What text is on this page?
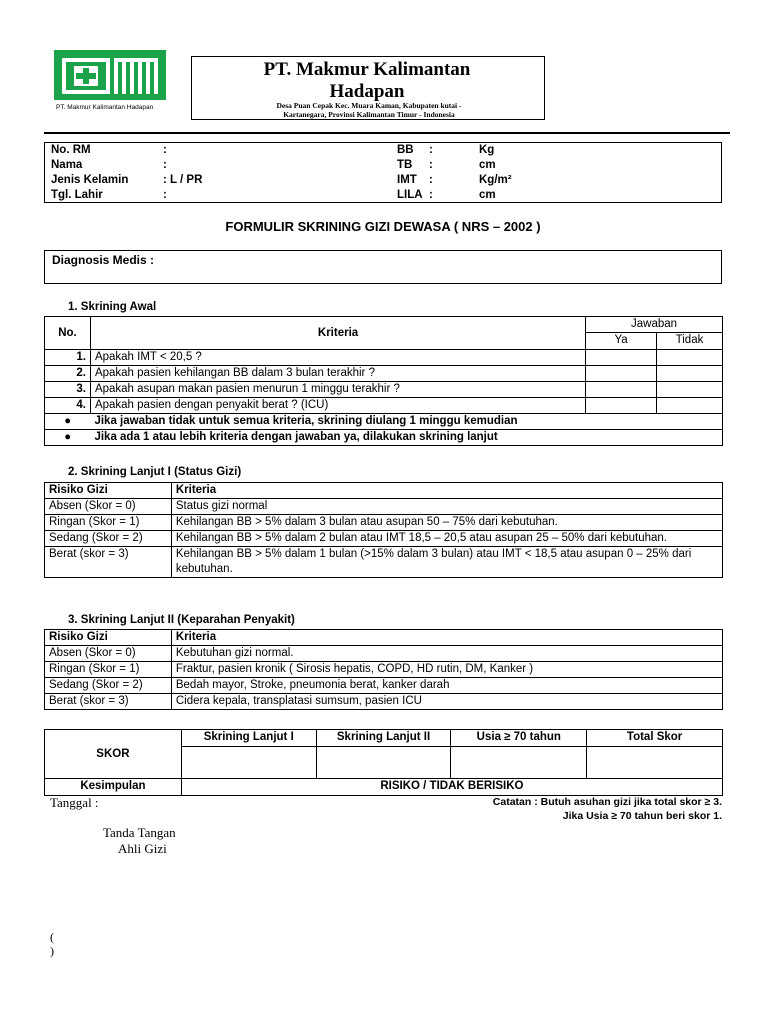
PT. Makmur Kalimantan Hadapan
PT. Makmur Kalimantan Hadapan
Desa Puan Cepak Kec. Muara Kaman, Kabupaten kutai -
Kartanegara, Provinsi Kalimantan Timur - Indonesia
No. RM	:
Nama	:
Jenis Kelamin	: L / PR
Tgl. Lahir	:
BB :	Kg
TB :	cm
IMT :	Kg/m²
LILA :	cm
FORMULIR SKRINING GIZI DEWASA ( NRS – 2002 )
Diagnosis Medis :
1. Skrining Awal
No.	Kriteria	Jawaban	
		Ya	Tidak
1.	Apakah IMT < 20,5 ?		
2.	Apakah pasien kehilangan BB dalam 3 bulan terakhir ?		
3.	Apakah asupan makan pasien menurun 1 minggu terakhir ?		
4.	Apakah pasien dengan penyakit berat ? (ICU)		
●	Jika jawaban tidak untuk semua kriteria, skrining diulang 1 minggu kemudian		
●	Jika ada 1 atau lebih kriteria dengan jawaban ya, dilakukan skrining lanjut		
2. Skrining Lanjut I (Status Gizi)
Risiko Gizi	Kriteria
Absen (Skor = 0)	Status gizi normal
Ringan (Skor = 1)	Kehilangan BB > 5% dalam 3 bulan atau asupan 50 – 75% dari kebutuhan.
Sedang (Skor = 2)	Kehilangan BB > 5% dalam 2 bulan atau IMT 18,5 – 20,5 atau asupan 25 – 50% dari kebutuhan.
Berat (skor = 3)	Kehilangan BB > 5% dalam 1 bulan (>15% dalam 3 bulan) atau IMT < 18,5 atau asupan 0 – 25% dari kebutuhan.
3. Skrining Lanjut II (Keparahan Penyakit)
Risiko Gizi	Kriteria
Absen (Skor = 0)	Kebutuhan gizi normal.
Ringan (Skor = 1)	Fraktur, pasien kronik ( Sirosis hepatis, COPD, HD rutin, DM, Kanker )
Sedang (Skor = 2)	Bedah mayor, Stroke, pneumonia berat, kanker darah
Berat (skor = 3)	Cidera kepala, transplatasi sumsum, pasien ICU
SKOR	Skrining Lanjut I	Skrining Lanjut II	Usia ≥ 70 tahun	Total Skor

Kesimpulan	RISIKO / TIDAK BERISIKO			
Tanggal :	Catatan : Butuh asuhan gizi jika total skor ≥ 3.
Jika Usia ≥ 70 tahun beri skor 1.
Tanda Tangan
Ahli Gizi
(
)
